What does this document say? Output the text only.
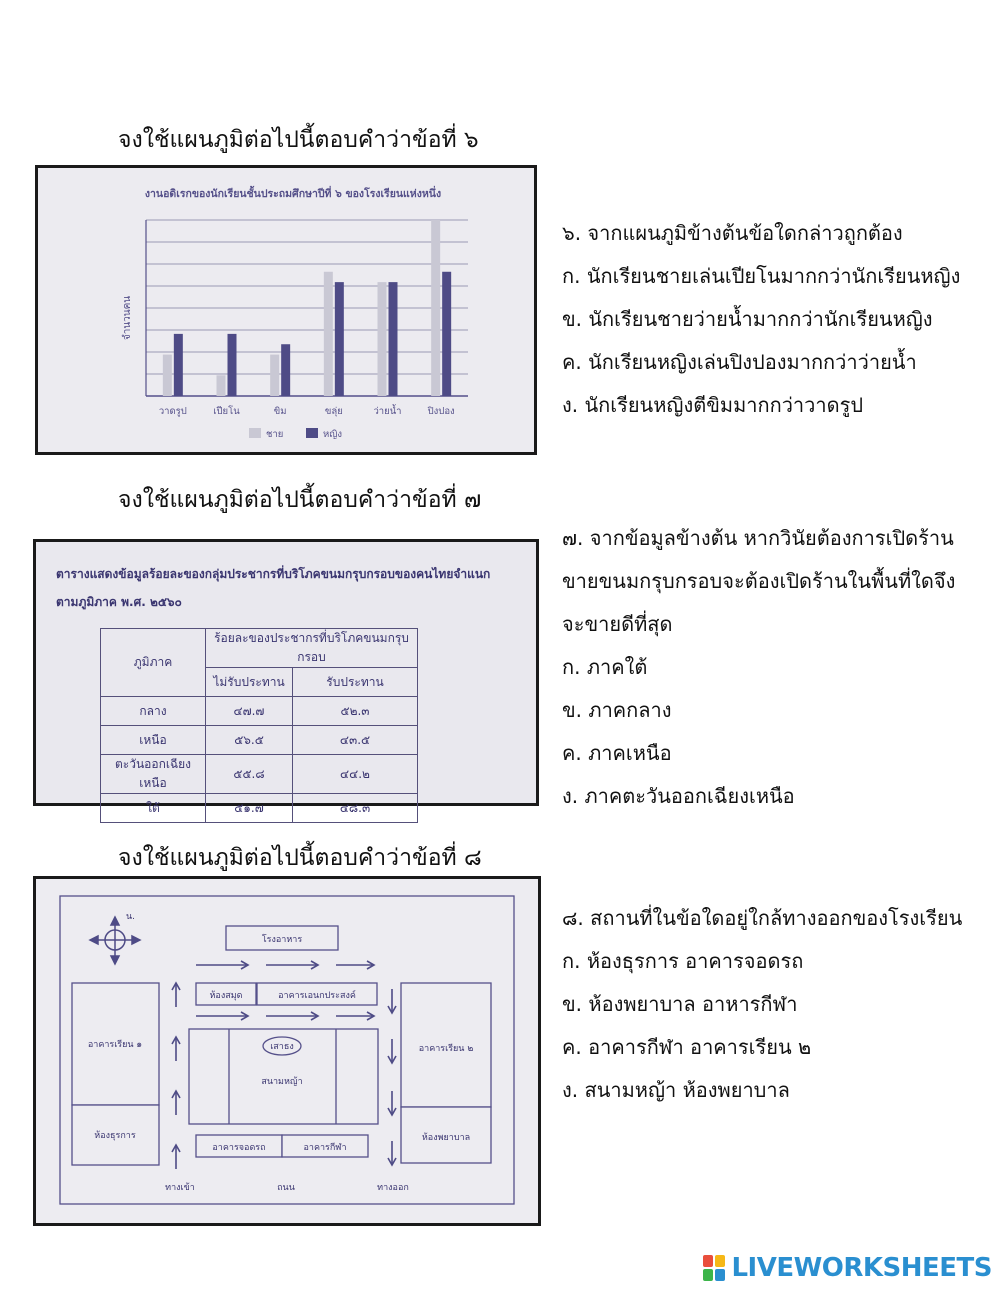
จงใช้แผนภูมิต่อไปนี้ตอบคำว่าข้อที่ ๖
งานอดิเรกของนักเรียนชั้นประถมศึกษาปีที่ ๖ ของโรงเรียนแห่งหนึ่ง
จำนวนคน
วาดรูป	เปียโน	ขิม	ขลุ่ย	ว่ายน้ำ	ปิงปอง
ชาย	หญิง
๖. จากแผนภูมิข้างต้นข้อใดกล่าวถูกต้อง
ก. นักเรียนชายเล่นเปียโนมากกว่านักเรียนหญิง
ข. นักเรียนชายว่ายน้ำมากกว่านักเรียนหญิง
ค. นักเรียนหญิงเล่นปิงปองมากกว่าว่ายน้ำ
ง. นักเรียนหญิงตีขิมมากกว่าวาดรูป
จงใช้แผนภูมิต่อไปนี้ตอบคำว่าข้อที่ ๗
ตารางแสดงข้อมูลร้อยละของกลุ่มประชากรที่บริโภคขนมกรุบกรอบของคนไทยจำแนก
ตามภูมิภาค พ.ศ. ๒๕๖๐
ภูมิภาค	ร้อยละของประชากรที่บริโภคขนมกรุบกรอบ	
	ไม่รับประทาน	รับประทาน
กลาง	๔๗.๗	๕๒.๓
เหนือ	๕๖.๕	๔๓.๕
ตะวันออกเฉียงเหนือ	๕๕.๘	๔๔.๒
ใต้	๕๑.๗	๔๘.๓
๗. จากข้อมูลข้างต้น หากวินัยต้องการเปิดร้าน
ขายขนมกรุบกรอบจะต้องเปิดร้านในพื้นที่ใดจึง
จะขายดีที่สุด
ก. ภาคใต้
ข. ภาคกลาง
ค. ภาคเหนือ
ง. ภาคตะวันออกเฉียงเหนือ
จงใช้แผนภูมิต่อไปนี้ตอบคำว่าข้อที่ ๘
น.
โรงอาหาร
ห้องสมุด	อาคารเอนกประสงค์
อาคารเรียน ๑
ห้องธุรการ
อาคารเรียน ๒
ห้องพยาบาล
เสาธง
สนามหญ้า
อาคารจอดรถ	อาคารกีฬา
ทางเข้า	ถนน	ทางออก
๘. สถานที่ในข้อใดอยู่ใกล้ทางออกของโรงเรียน
ก. ห้องธุรการ อาคารจอดรถ
ข. ห้องพยาบาล อาหารกีฬา
ค. อาคารกีฬา อาคารเรียน ๒
ง. สนามหญ้า ห้องพยาบาล
LIVEWORKSHEETS
